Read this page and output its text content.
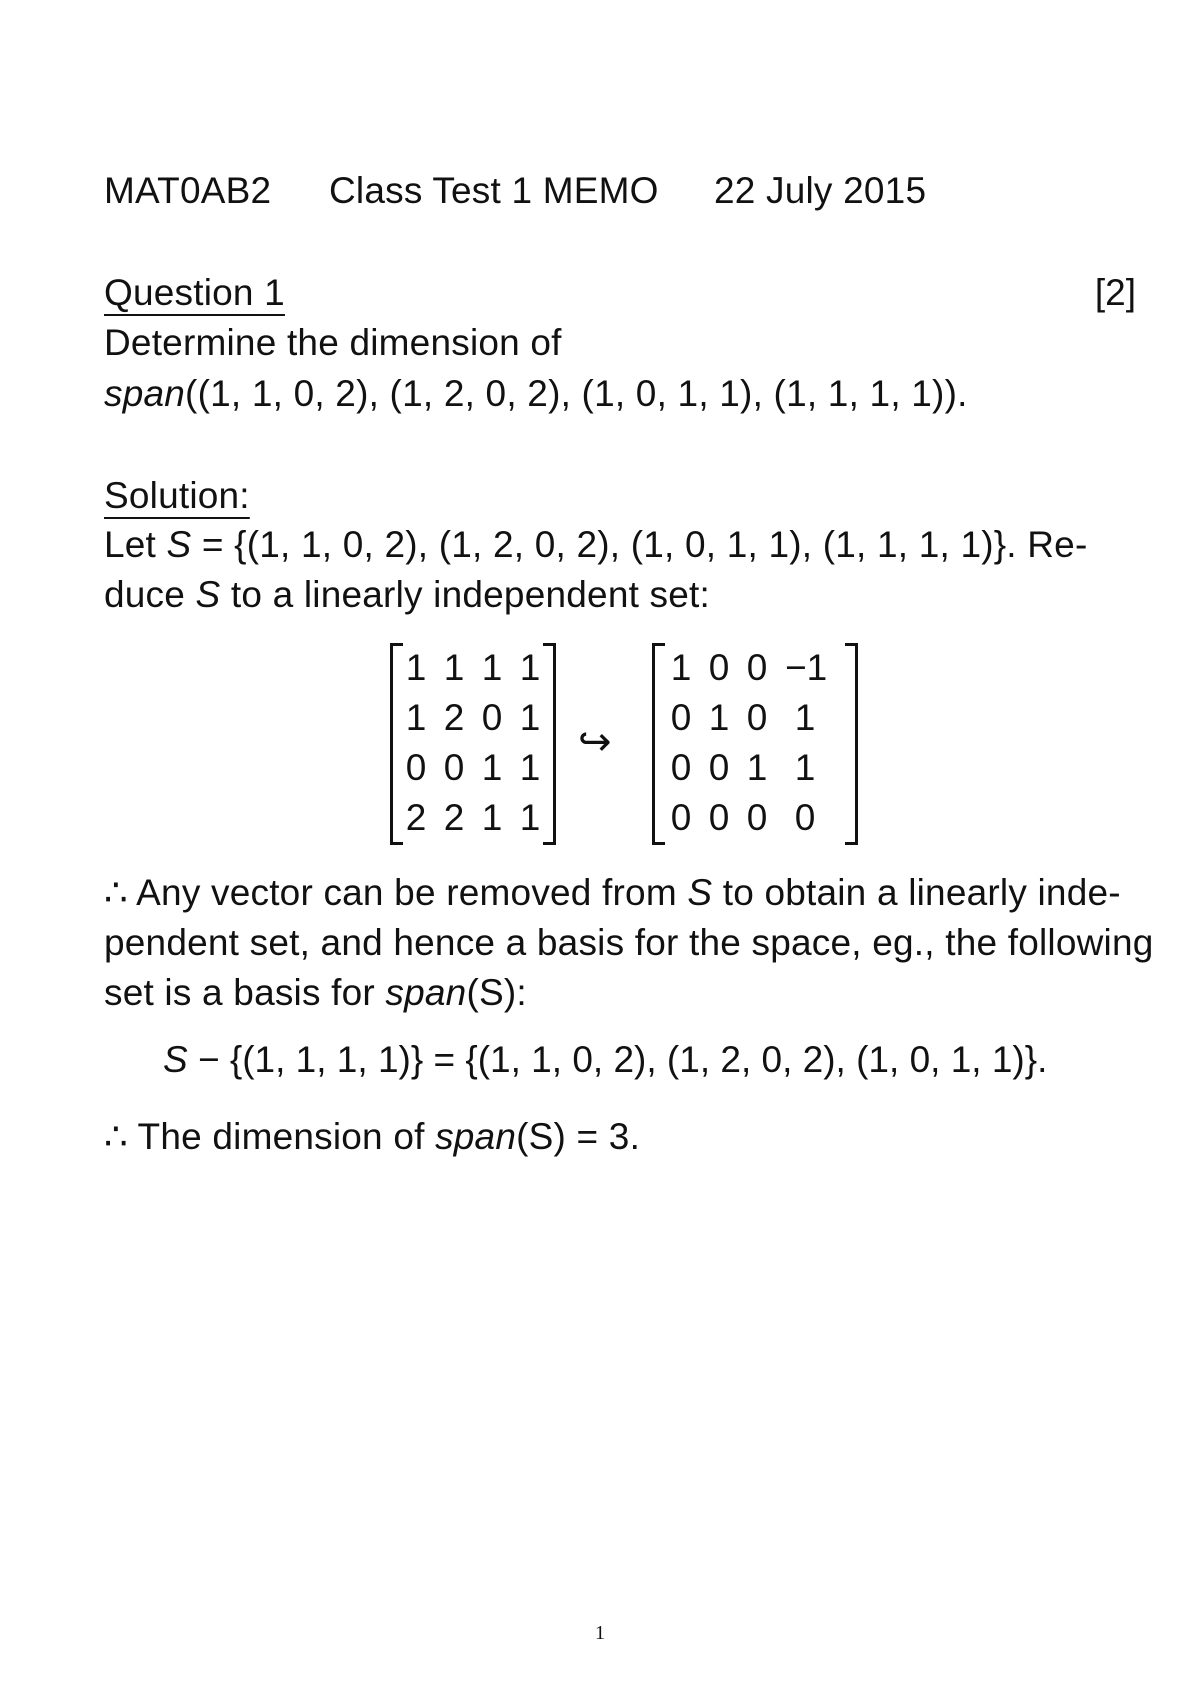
MAT0AB2 Class Test 1 MEMO 22 July 2015
Question 1	[2]
Determine the dimension of
span((1, 1, 0, 2), (1, 2, 0, 2), (1, 0, 1, 1), (1, 1, 1, 1)).
Solution:
Let S = {(1, 1, 0, 2), (1, 2, 0, 2), (1, 0, 1, 1), (1, 1, 1, 1)}. Re-
duce S to a linearly independent set:
1 1 1 1
1 2 0 1
0 0 1 1
2 2 1 1
↪
1 0 0 −1
0 1 0 1
0 0 1 1
0 0 0 0
∴ Any vector can be removed from S to obtain a linearly inde-
pendent set, and hence a basis for the space, eg., the following
set is a basis for span(S):
S − {(1, 1, 1, 1)} = {(1, 1, 0, 2), (1, 2, 0, 2), (1, 0, 1, 1)}.
∴ The dimension of span(S) = 3.
1
